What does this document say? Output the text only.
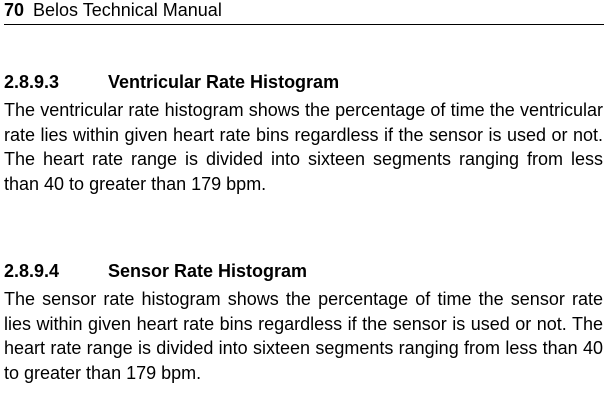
70 Belos Technical Manual
2.8.9.3	Ventricular Rate Histogram

The ventricular rate histogram shows the percentage of time the ventricular rate lies within given heart rate bins regardless if the sensor is used or not. The heart rate range is divided into sixteen segments ranging from less than 40 to greater than 179 bpm.

2.8.9.4	Sensor Rate Histogram

The sensor rate histogram shows the percentage of time the sensor rate lies within given heart rate bins regardless if the sensor is used or not. The heart rate range is divided into sixteen segments ranging from less than 40 to greater than 179 bpm.
